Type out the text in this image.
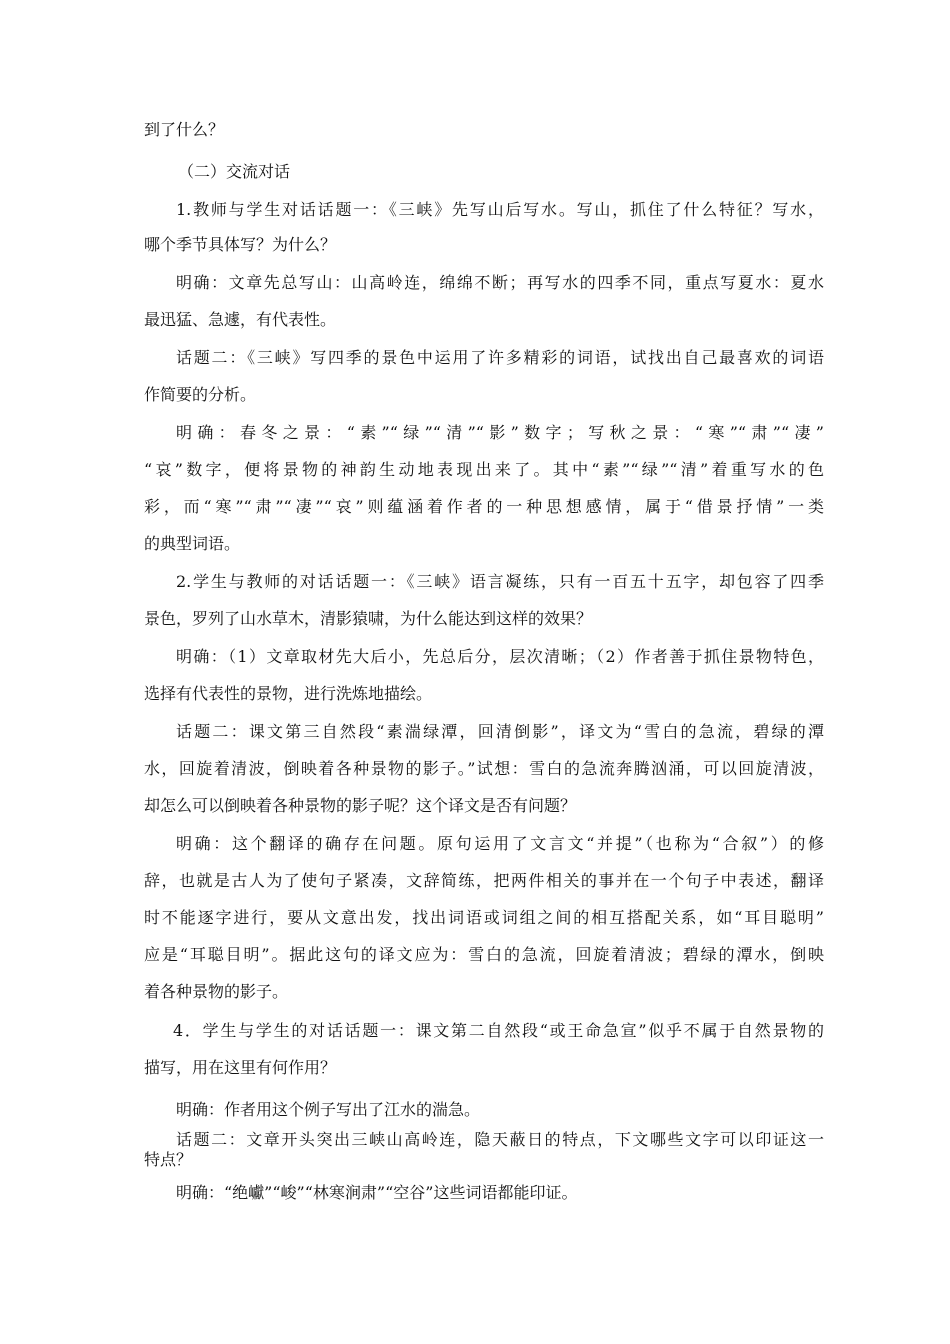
到了什么？
（二）交流对话
1.教师与学生对话话题一：《三峡》先写山后写水。写山，抓住了什么特征？写水，
哪个季节具体写？为什么？
明确：文章先总写山：山高岭连，绵绵不断；再写水的四季不同，重点写夏水：夏水
最迅猛、急遽，有代表性。
话题二：《三峡》写四季的景色中运用了许多精彩的词语，试找出自己最喜欢的词语
作简要的分析。
明确：春冬之景：“素”“绿”“清”“影”数字；写秋之景：“寒”“肃”“凄”
“哀”数字，便将景物的神韵生动地表现出来了。其中“素”“绿”“清”着重写水的色
彩，而“寒”“肃”“凄”“哀”则蕴涵着作者的一种思想感情，属于“借景抒情”一类
的典型词语。
2.学生与教师的对话话题一：《三峡》语言凝练，只有一百五十五字，却包容了四季
景色，罗列了山水草木，清影猿啸，为什么能达到这样的效果？
明确：（1）文章取材先大后小，先总后分，层次清晰；（2）作者善于抓住景物特色，
选择有代表性的景物，进行洗炼地描绘。
话题二：课文第三自然段“素湍绿潭，回清倒影”，译文为“雪白的急流，碧绿的潭
水，回旋着清波，倒映着各种景物的影子。”试想：雪白的急流奔腾汹涌，可以回旋清波，
却怎么可以倒映着各种景物的影子呢？这个译文是否有问题？
明确：这个翻译的确存在问题。原句运用了文言文“并提”（也称为“合叙”）的修
辞，也就是古人为了使句子紧凑，文辞简练，把两件相关的事并在一个句子中表述，翻译
时不能逐字进行，要从文意出发，找出词语或词组之间的相互搭配关系，如“耳目聪明”
应是“耳聪目明”。据此这句的译文应为：雪白的急流，回旋着清波；碧绿的潭水，倒映
着各种景物的影子。
4．学生与学生的对话话题一：课文第二自然段“或王命急宣”似乎不属于自然景物的
描写，用在这里有何作用？
明确：作者用这个例子写出了江水的湍急。
话题二：文章开头突出三峡山高岭连，隐天蔽日的特点，下文哪些文字可以印证这一
特点？
明确：“绝巘”“峻”“林寒涧肃”“空谷”这些词语都能印证。
